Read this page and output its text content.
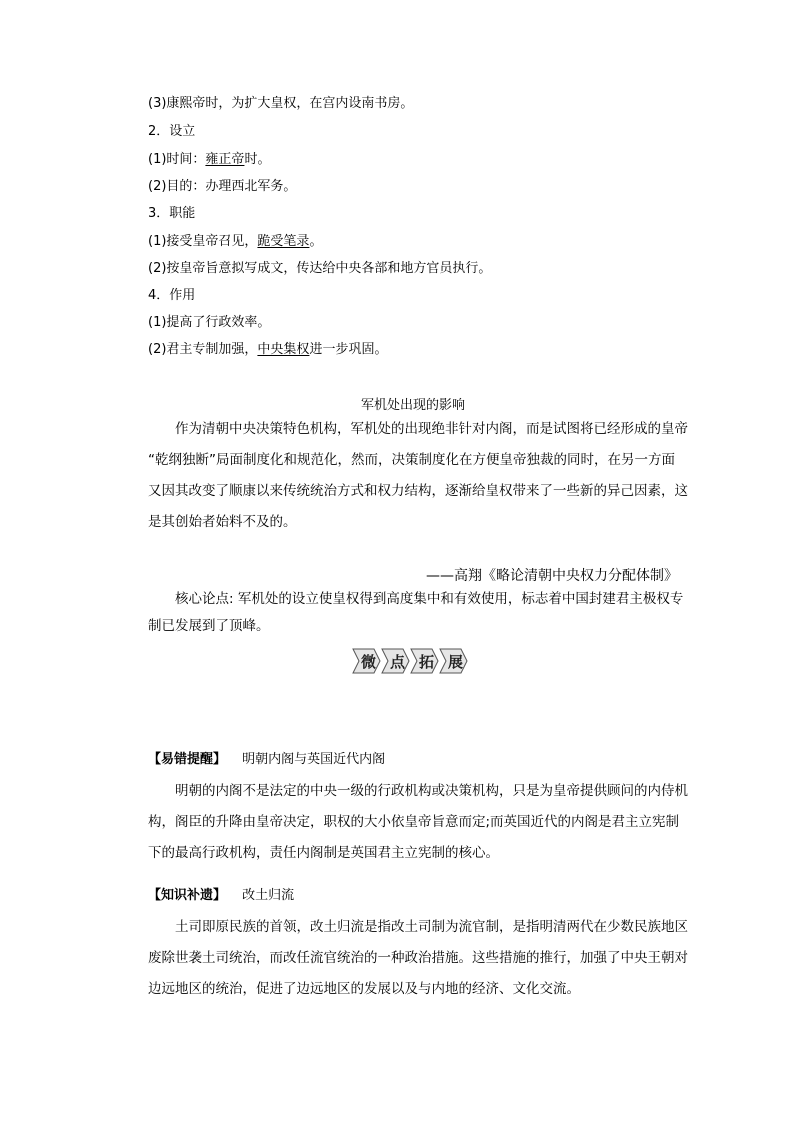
(3)康熙帝时，为扩大皇权，在宫内设南书房。
2．设立
(1)时间：雍正帝时。
(2)目的：办理西北军务。
3．职能
(1)接受皇帝召见，跪受笔录。
(2)按皇帝旨意拟写成文，传达给中央各部和地方官员执行。
4．作用
(1)提高了行政效率。
(2)君主专制加强，中央集权进一步巩固。
军机处出现的影响
作为清朝中央决策特色机构，军机处的出现绝非针对内阁，而是试图将已经形成的皇帝
“乾纲独断”局面制度化和规范化，然而，决策制度化在方便皇帝独裁的同时，在另一方面
又因其改变了顺康以来传统统治方式和权力结构，逐渐给皇权带来了一些新的异己因素，这
是其创始者始料不及的。
——高翔《略论清朝中央权力分配体制》
核心论点: 军机处的设立使皇权得到高度集中和有效使用，标志着中国封建君主极权专
制已发展到了顶峰。
微 点 拓 展
【易错提醒】 明朝内阁与英国近代内阁
明朝的内阁不是法定的中央一级的行政机构或决策机构，只是为皇帝提供顾问的内侍机
构，阁臣的升降由皇帝决定，职权的大小依皇帝旨意而定;而英国近代的内阁是君主立宪制
下的最高行政机构，责任内阁制是英国君主立宪制的核心。
【知识补遗】 改土归流
土司即原民族的首领，改土归流是指改土司制为流官制，是指明清两代在少数民族地区
废除世袭土司统治，而改任流官统治的一种政治措施。这些措施的推行，加强了中央王朝对
边远地区的统治，促进了边远地区的发展以及与内地的经济、文化交流。
